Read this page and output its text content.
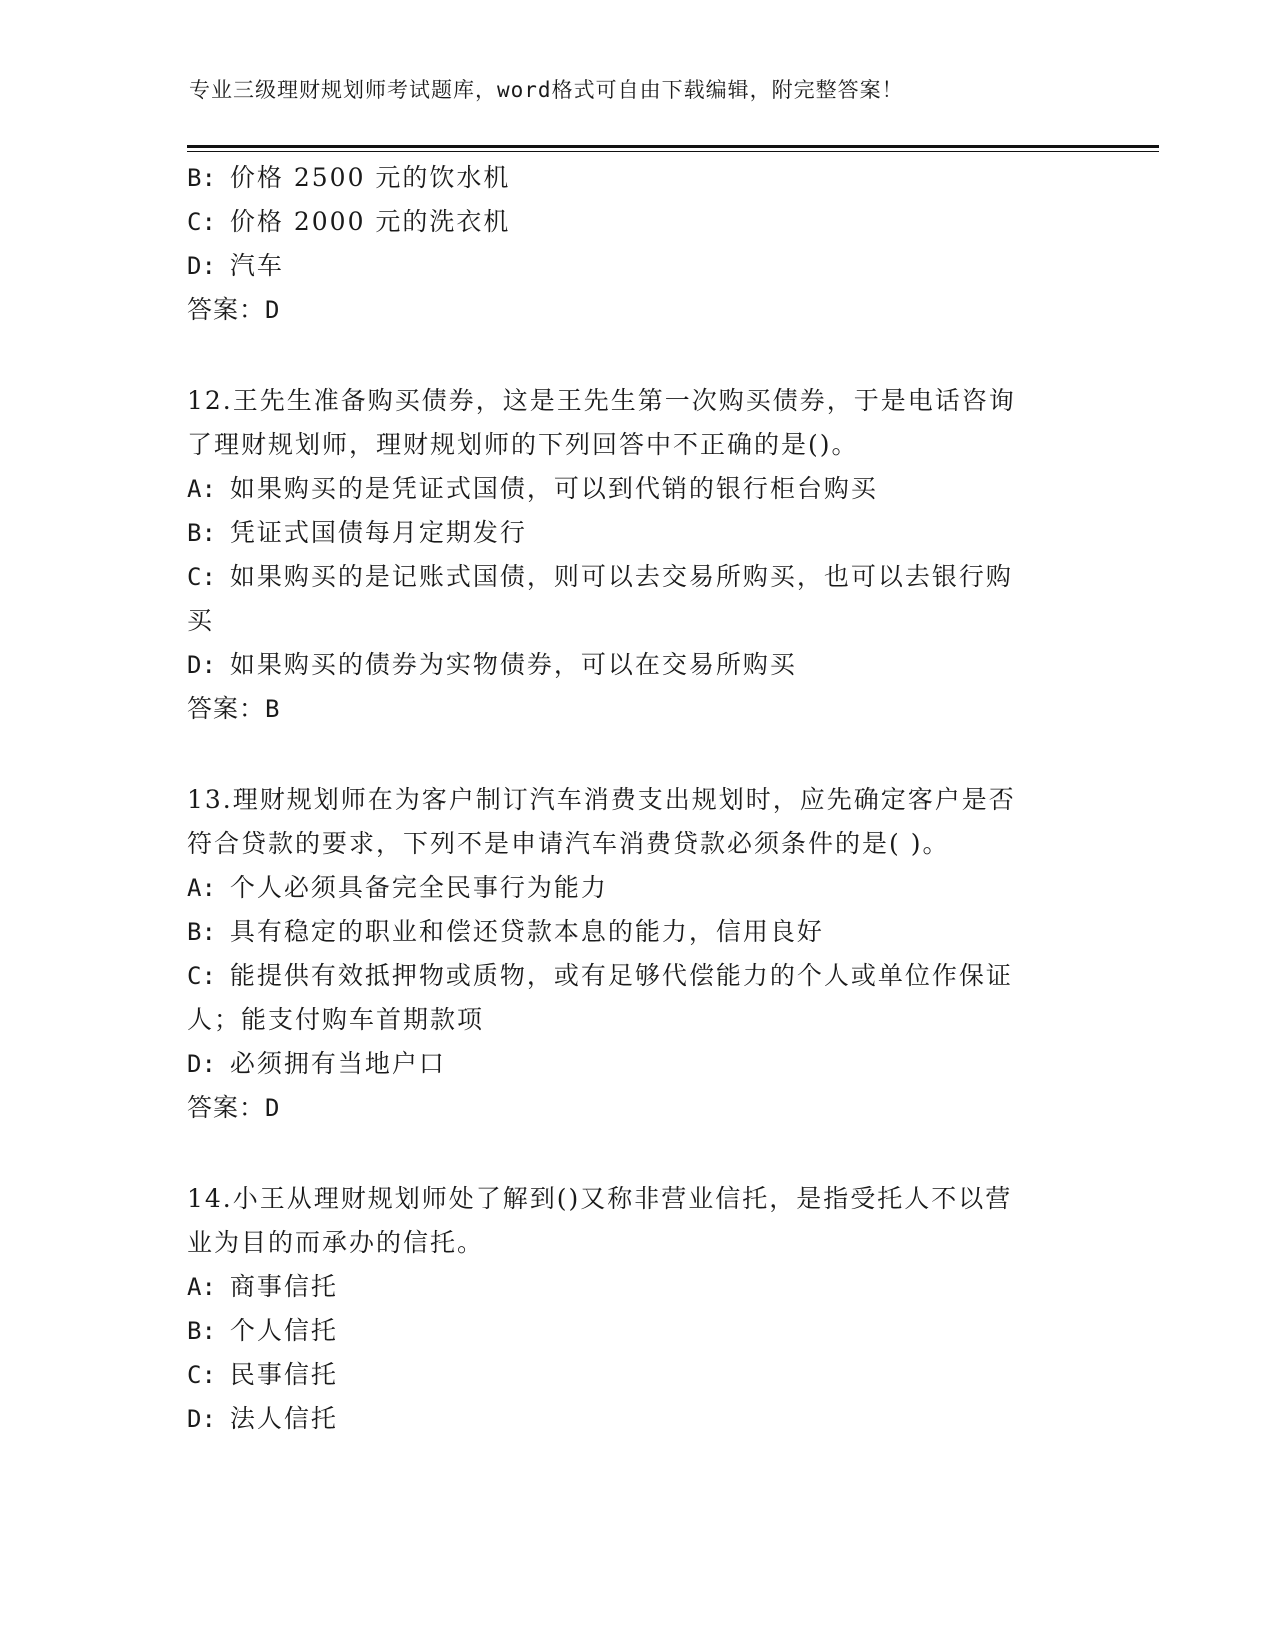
专业三级理财规划师考试题库，word格式可自由下载编辑，附完整答案！
B: 价格 2500 元的饮水机
C: 价格 2000 元的洗衣机
D: 汽车
答案：D
12.王先生准备购买债券，这是王先生第一次购买债券，于是电话咨询
了理财规划师，理财规划师的下列回答中不正确的是()。
A: 如果购买的是凭证式国债，可以到代销的银行柜台购买
B: 凭证式国债每月定期发行
C: 如果购买的是记账式国债，则可以去交易所购买，也可以去银行购
买
D: 如果购买的债券为实物债券，可以在交易所购买
答案：B
13.理财规划师在为客户制订汽车消费支出规划时，应先确定客户是否
符合贷款的要求，下列不是申请汽车消费贷款必须条件的是( )。
A: 个人必须具备完全民事行为能力
B: 具有稳定的职业和偿还贷款本息的能力，信用良好
C: 能提供有效抵押物或质物，或有足够代偿能力的个人或单位作保证
人；能支付购车首期款项
D: 必须拥有当地户口
答案：D
14.小王从理财规划师处了解到()又称非营业信托，是指受托人不以营
业为目的而承办的信托。
A: 商事信托
B: 个人信托
C: 民事信托
D: 法人信托
